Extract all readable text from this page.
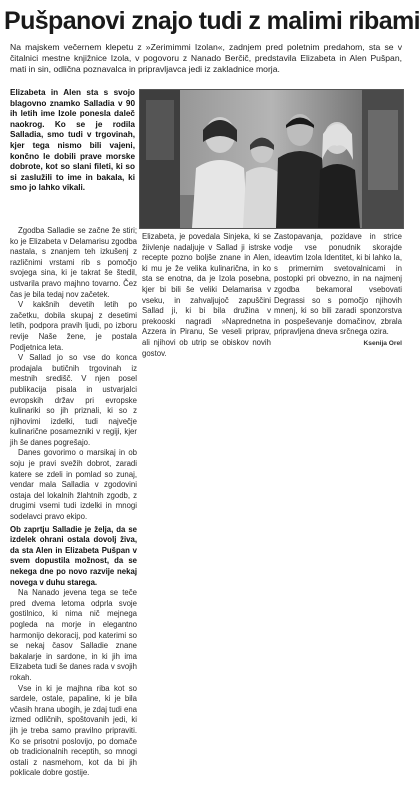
Pušpanovi znajo tudi z malimi ribami
Na majskem večernem klepetu z »Zerimimmi Izolan«, zadnjem pred poletnim predahom, sta se v čitalnici mestne knjižnice Izola, v pogovoru z Nanado Berčič, predstavila Elizabeta in Alen Pušpan, mati in sin, odlična poznavalca in pripravljavca jedi iz zakladnice morja.
Elizabeta in Alen sta s svojo blagovno znamko Salladia v 90 ih letih ime Izole ponesla daleč naokrog. Ko se je rodila Salladia, smo tudi v trgovinah, kjer tega nismo bili vajeni, končno le dobili prave morske dobrote, kot so slani fileti, ki so si zaslužili to ime in bakala, ki smo jo lahko vikali.

Zgodba Salladie se začne že stiri; ko je Elizabeta v Delamarisu zgodba nastala, s znanjem teh izkušenj z različnimi vrstami rib s pomočjo svojega sina, ki je takrat še štedil, ustvarila pravo majhno tovarno. Čez čas je bila tedaj nov začetek.

V kakšnih devetih letih po začetku, dobila skupaj z desetimi letih, podpora pravih ljudi, po izboru revije Naše žene, je postala Podjetnica leta.

V Sallad jo so vse do konca prodajala butičnih trgovinah iz mestnih središč. V njen posel publikacija pisala in ustvarjalci evropskih držav pri evropske kulinariki so jih priznali, ki so z njihovimi izdelki, tudi največje kulinarične posamezniki v regiji, kjer jih še danes pogrešajo.

Danes govorimo o marsikaj in ob soju je pravi svežih dobrot, zaradi katere se zdeli in pomlad so zunaj, vendar mala Salladia v zgodovini ostaja del lokalnih žlahtnih zgodb, z drugimi vsemi tudi izdelki in mnogi sodelavci pravo ekipo.

Ob zaprtju Salladie je želja, da se izdelek ohrani ostala dovolj živa, da sta Alen in Elizabeta Pušpan v svem dopustila možnost, da se nekega dne po novo razvije nekaj novega v duhu starega.

Na Nanado jevena tega se teče pred dvema letoma odprla svoje gostilnico, ki nima nič mejnega pogleda na morje in elegantno harmonijo dekoracij, pod katerimi so se nekaj časov Salladie znane bakalarje in sardone, in ki jih ima Elizabeta tudi še danes rada v svojih rokah.

Vse in ki je majhna riba kot so sardele, ostale, papaline, ki je bila včasih hrana ubogih, je zdaj tudi ena izmed odličnih, spoštovanih jedi, ki jih je treba samo pravilno pripraviti. Ko se prisotni poslovijo, po domače ob tradicionalnih receptih, so mnogi ostali z nasmehom, kot da bi jih poklicale dobre gostije.

Elizabeta, je povedala Sinjeka, ki se žiivlenje nadaljuje v Sallad ji istrske recepte pozno boljše znane in Alen, ki mu je že velika kulinarična, in ko sta se enotna, da je Izola posebna, kjer bi bili še veliki Delamarisa v vseku, in zahvaljujoč zapuščini Sallad ji, ki bi bila družina v prekooski nagradi »Naprednetna Azzera in Piranu, Se veseli priprav, ali njihovi ob utrip se obiskov novih gostov.

Zastopavanja, pozidave in strice vodje vse ponudnik skorajde ideavtim Izola Identitet, ki bi lahko la, s primernim svetovalnicami in postopki pri obvezno, in na najmenj zgodba bekamoral vsebovati Degrassi so s pomočjo njihovih mnenj, ki so bili zaradi sponzorstva in pospeševanje domačinov, zbrala pripravljena dneva srčnega ozira.

Ksenija Orel
